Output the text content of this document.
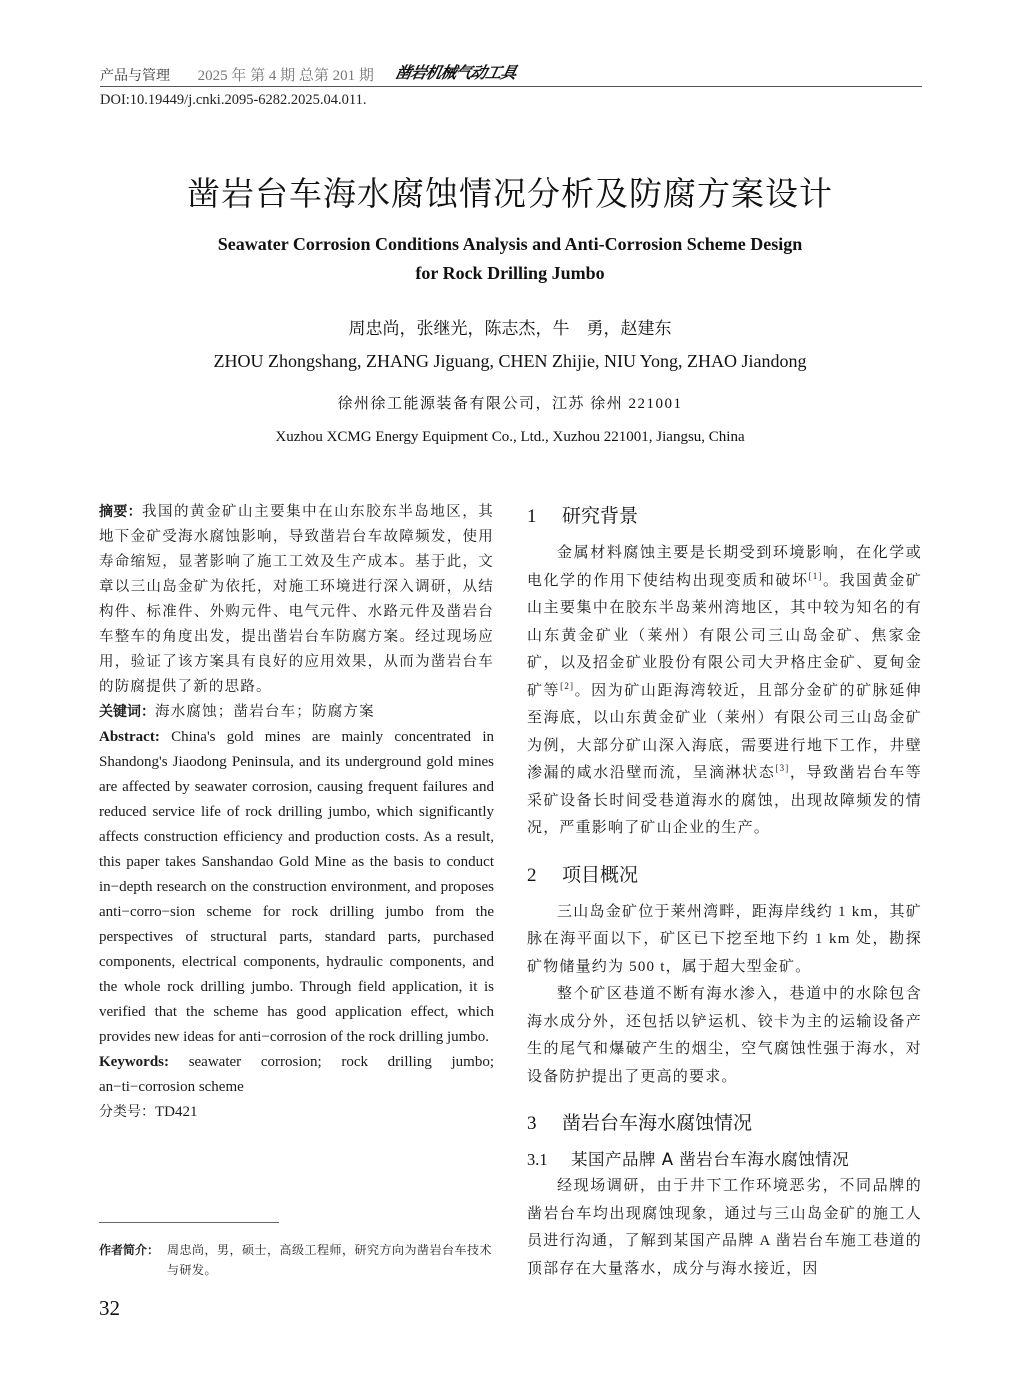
产品与管理 2025 年 第 4 期 总第 201 期 凿岩机械气动工具
DOI:10.19449/j.cnki.2095-6282.2025.04.011.
凿岩台车海水腐蚀情况分析及防腐方案设计
Seawater Corrosion Conditions Analysis and Anti-Corrosion Scheme Design
for Rock Drilling Jumbo
周忠尚，张继光，陈志杰，牛　勇，赵建东
ZHOU Zhongshang, ZHANG Jiguang, CHEN Zhijie, NIU Yong, ZHAO Jiandong
徐州徐工能源装备有限公司，江苏 徐州 221001
Xuzhou XCMG Energy Equipment Co., Ltd., Xuzhou 221001, Jiangsu, China

摘要：我国的黄金矿山主要集中在山东胶东半岛地区，其地下金矿受海水腐蚀影响，导致凿岩台车故障频发，使用寿命缩短，显著影响了施工工效及生产成本。基于此，文章以三山岛金矿为依托，对施工环境进行深入调研，从结构件、标准件、外购元件、电气元件、水路元件及凿岩台车整车的角度出发，提出凿岩台车防腐方案。经过现场应用，验证了该方案具有良好的应用效果，从而为凿岩台车的防腐提供了新的思路。

关键词：海水腐蚀；凿岩台车；防腐方案

Abstract: China's gold mines are mainly concentrated in Shandong's Jiaodong Peninsula, and its underground gold mines are affected by seawater corrosion, causing frequent failures and reduced service life of rock drilling jumbo, which significantly affects construction efficiency and production costs. As a result, this paper takes Sanshandao Gold Mine as the basis to conduct in−depth research on the construction environment, and proposes anti−corro−sion scheme for rock drilling jumbo from the perspectives of structural parts, standard parts, purchased components, electrical components, hydraulic components, and the whole rock drilling jumbo. Through field application, it is verified that the scheme has good application effect, which provides new ideas for anti−corrosion of the rock drilling jumbo.

Keywords: seawater corrosion; rock drilling jumbo; an−ti−corrosion scheme

分类号：TD421

作者简介： 周忠尚，男，硕士，高级工程师，研究方向为凿岩台车技术与研发。
32
1 研究背景

金属材料腐蚀主要是长期受到环境影响，在化学或电化学的作用下使结构出现变质和破坏[1]。我国黄金矿山主要集中在胶东半岛莱州湾地区，其中较为知名的有山东黄金矿业（莱州）有限公司三山岛金矿、焦家金矿，以及招金矿业股份有限公司大尹格庄金矿、夏甸金矿等[2]。因为矿山距海湾较近，且部分金矿的矿脉延伸至海底，以山东黄金矿业（莱州）有限公司三山岛金矿为例，大部分矿山深入海底，需要进行地下工作，井壁渗漏的咸水沿壁而流，呈滴淋状态[3]，导致凿岩台车等采矿设备长时间受巷道海水的腐蚀，出现故障频发的情况，严重影响了矿山企业的生产。

2 项目概况

三山岛金矿位于莱州湾畔，距海岸线约 1 km，其矿脉在海平面以下，矿区已下挖至地下约 1 km 处，勘探矿物储量约为 500 t，属于超大型金矿。

整个矿区巷道不断有海水渗入，巷道中的水除包含海水成分外，还包括以铲运机、铰卡为主的运输设备产生的尾气和爆破产生的烟尘，空气腐蚀性强于海水，对设备防护提出了更高的要求。

3 凿岩台车海水腐蚀情况
3.1 某国产品牌 A 凿岩台车海水腐蚀情况

经现场调研，由于井下工作环境恶劣，不同品牌的凿岩台车均出现腐蚀现象，通过与三山岛金矿的施工人员进行沟通，了解到某国产品牌 A 凿岩台车施工巷道的顶部存在大量落水，成分与海水接近，因
